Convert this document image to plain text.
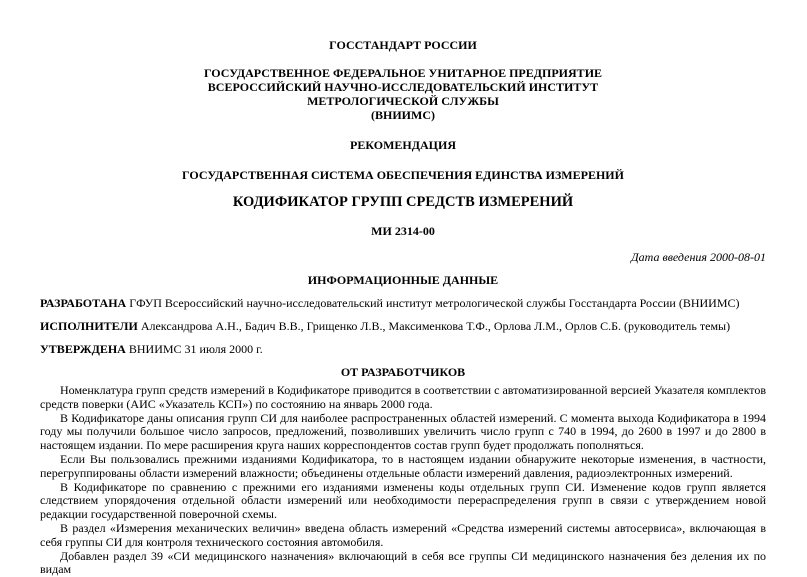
ГОССТАНДАРТ РОССИИ

ГОСУДАРСТВЕННОЕ ФЕДЕРАЛЬНОЕ УНИТАРНОЕ ПРЕДПРИЯТИЕ

ВСЕРОССИЙСКИЙ НАУЧНО-ИССЛЕДОВАТЕЛЬСКИЙ ИНСТИТУТ

МЕТРОЛОГИЧЕСКОЙ СЛУЖБЫ

(ВНИИМС)

РЕКОМЕНДАЦИЯ

ГОСУДАРСТВЕННАЯ СИСТЕМА ОБЕСПЕЧЕНИЯ ЕДИНСТВА ИЗМЕРЕНИЙ

КОДИФИКАТОР ГРУПП СРЕДСТВ ИЗМЕРЕНИЙ

МИ 2314-00

Дата введения 2000-08-01

ИНФОРМАЦИОННЫЕ ДАННЫЕ

РАЗРАБОТАНА ГФУП Всероссийский научно-исследовательский институт метрологической службы Госстандарта России (ВНИИМС)

ИСПОЛНИТЕЛИ Александрова А.Н., Бадич В.В., Грищенко Л.В., Максименкова Т.Ф., Орлова Л.М., Орлов С.Б. (руководитель темы)

УТВЕРЖДЕНА ВНИИМС 31 июля 2000 г.

ОТ РАЗРАБОТЧИКОВ

Номенклатура групп средств измерений в Кодификаторе приводится в соответствии с автоматизированной версией Указателя комплектов средств поверки (АИС «Указатель КСП») по состоянию на январь 2000 года.

В Кодификаторе даны описания групп СИ для наиболее распространенных областей измерений. С момента выхода Кодификатора в 1994 году мы получили большое число запросов, предложений, позволивших увеличить число групп с 740 в 1994, до 2600 в 1997 и до 2800 в настоящем издании. По мере расширения круга наших корреспондентов состав групп будет продолжать пополняться.

Если Вы пользовались прежними изданиями Кодификатора, то в настоящем издании обнаружите некоторые изменения, в частности, перегруппированы области измерений влажности; объединены отдельные области измерений давления, радиоэлектронных измерений.

В Кодификаторе по сравнению с прежними его изданиями изменены коды отдельных групп СИ. Изменение кодов групп является следствием упорядочения отдельной области измерений или необходимости перераспределения групп в связи с утверждением новой редакции государственной поверочной схемы.

В раздел «Измерения механических величин» введена область измерений «Средства измерений системы автосервиса», включающая в себя группы СИ для контроля технического состояния автомобиля.

Добавлен раздел 39 «СИ медицинского назначения» включающий в себя все группы СИ медицинского назначения без деления их по видам
